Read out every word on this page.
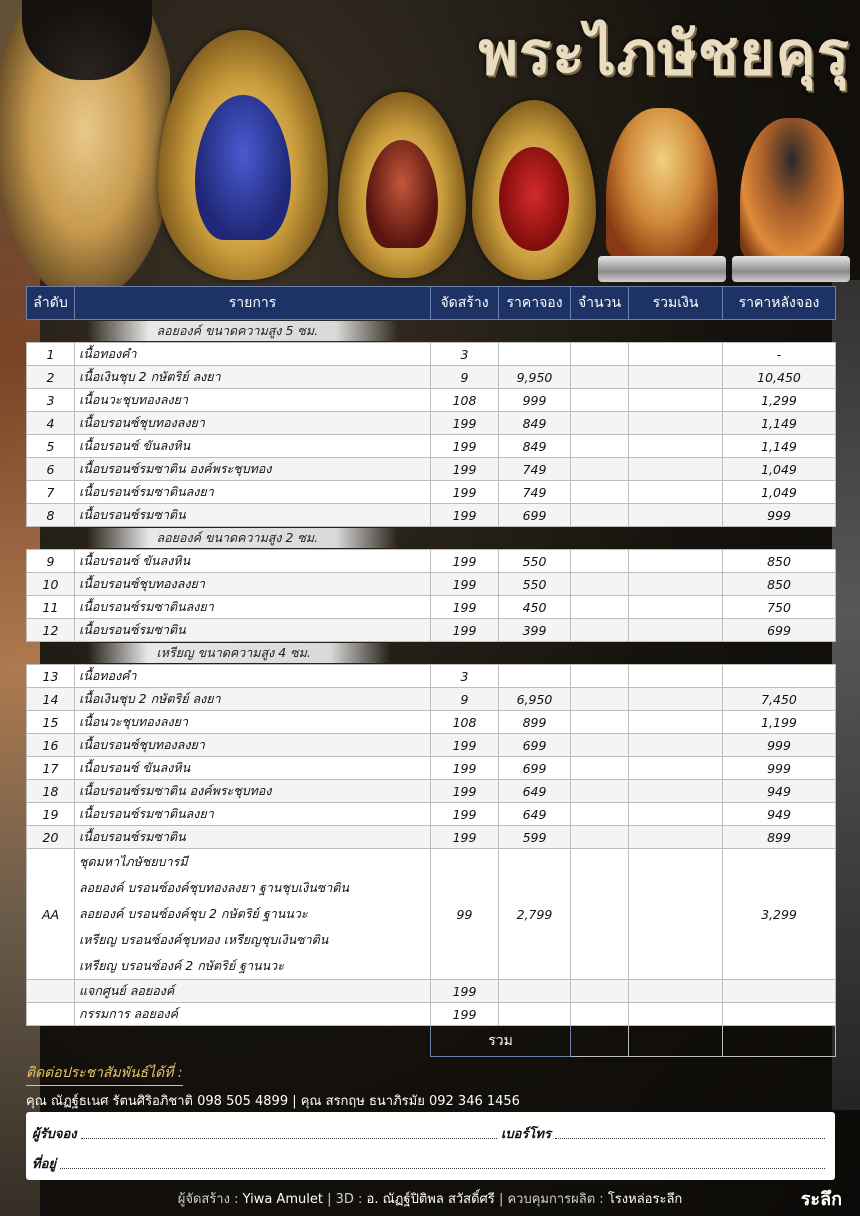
พระไภษัชยคุรุ
ลำดับ	รายการ	จัดสร้าง	ราคาจอง	จำนวน	รวมเงิน	ราคาหลังจอง
ลอยองค์ ขนาดความสูง 5 ซม.						
1	เนื้อทองคำ	3				-
2	เนื้อเงินชุบ 2 กษัตริย์ ลงยา	9	9,950			10,450
3	เนื้อนวะชุบทองลงยา	108	999			1,299
4	เนื้อบรอนซ์ชุบทองลงยา	199	849			1,149
5	เนื้อบรอนซ์ ขันลงหิน	199	849			1,149
6	เนื้อบรอนซ์รมซาติน องค์พระชุบทอง	199	749			1,049
7	เนื้อบรอนซ์รมซาตินลงยา	199	749			1,049
8	เนื้อบรอนซ์รมซาติน	199	699			999
ลอยองค์ ขนาดความสูง 2 ซม.						
9	เนื้อบรอนซ์ ขันลงหิน	199	550			850
10	เนื้อบรอนซ์ชุบทองลงยา	199	550			850
11	เนื้อบรอนซ์รมซาตินลงยา	199	450			750
12	เนื้อบรอนซ์รมซาติน	199	399			699
เหรียญ ขนาดความสูง 4 ซม.						
13	เนื้อทองคำ	3				
14	เนื้อเงินชุบ 2 กษัตริย์ ลงยา	9	6,950			7,450
15	เนื้อนวะชุบทองลงยา	108	899			1,199
16	เนื้อบรอนซ์ชุบทองลงยา	199	699			999
17	เนื้อบรอนซ์ ขันลงหิน	199	699			999
18	เนื้อบรอนซ์รมซาติน องค์พระชุบทอง	199	649			949
19	เนื้อบรอนซ์รมซาตินลงยา	199	649			949
20	เนื้อบรอนซ์รมซาติน	199	599			899
AA	ชุดมหาไภษัชยบารมี
ลอยองค์ บรอนซ์องค์ชุบทองลงยา ฐานชุบเงินซาติน
ลอยองค์ บรอนซ์องค์ชุบ 2 กษัตริย์ ฐานนวะ
เหรียญ บรอนซ์องค์ชุบทอง เหรียญชุบเงินซาติน
เหรียญ บรอนซ์องค์ 2 กษัตริย์ ฐานนวะ	99	2,799			3,299
	แจกศูนย์ ลอยองค์	199				
	กรรมการ ลอยองค์	199				
		รวม				
ติดต่อประชาสัมพันธ์ได้ที่ :
คุณ ณัฏฐ์ธเนศ รัตนศิริอภิชาติ 098 505 4899 | คุณ สรกฤษ ธนาภิรมัย 092 346 1456
ผู้รับจอง	เบอร์โทร
ที่อยู่
ผู้จัดสร้าง : Yiwa Amulet | 3D : อ. ณัฏฐ์ปิติพล สวัสดิ์ศรี | ควบคุมการผลิต : โรงหล่อระลึก	ระลึก
